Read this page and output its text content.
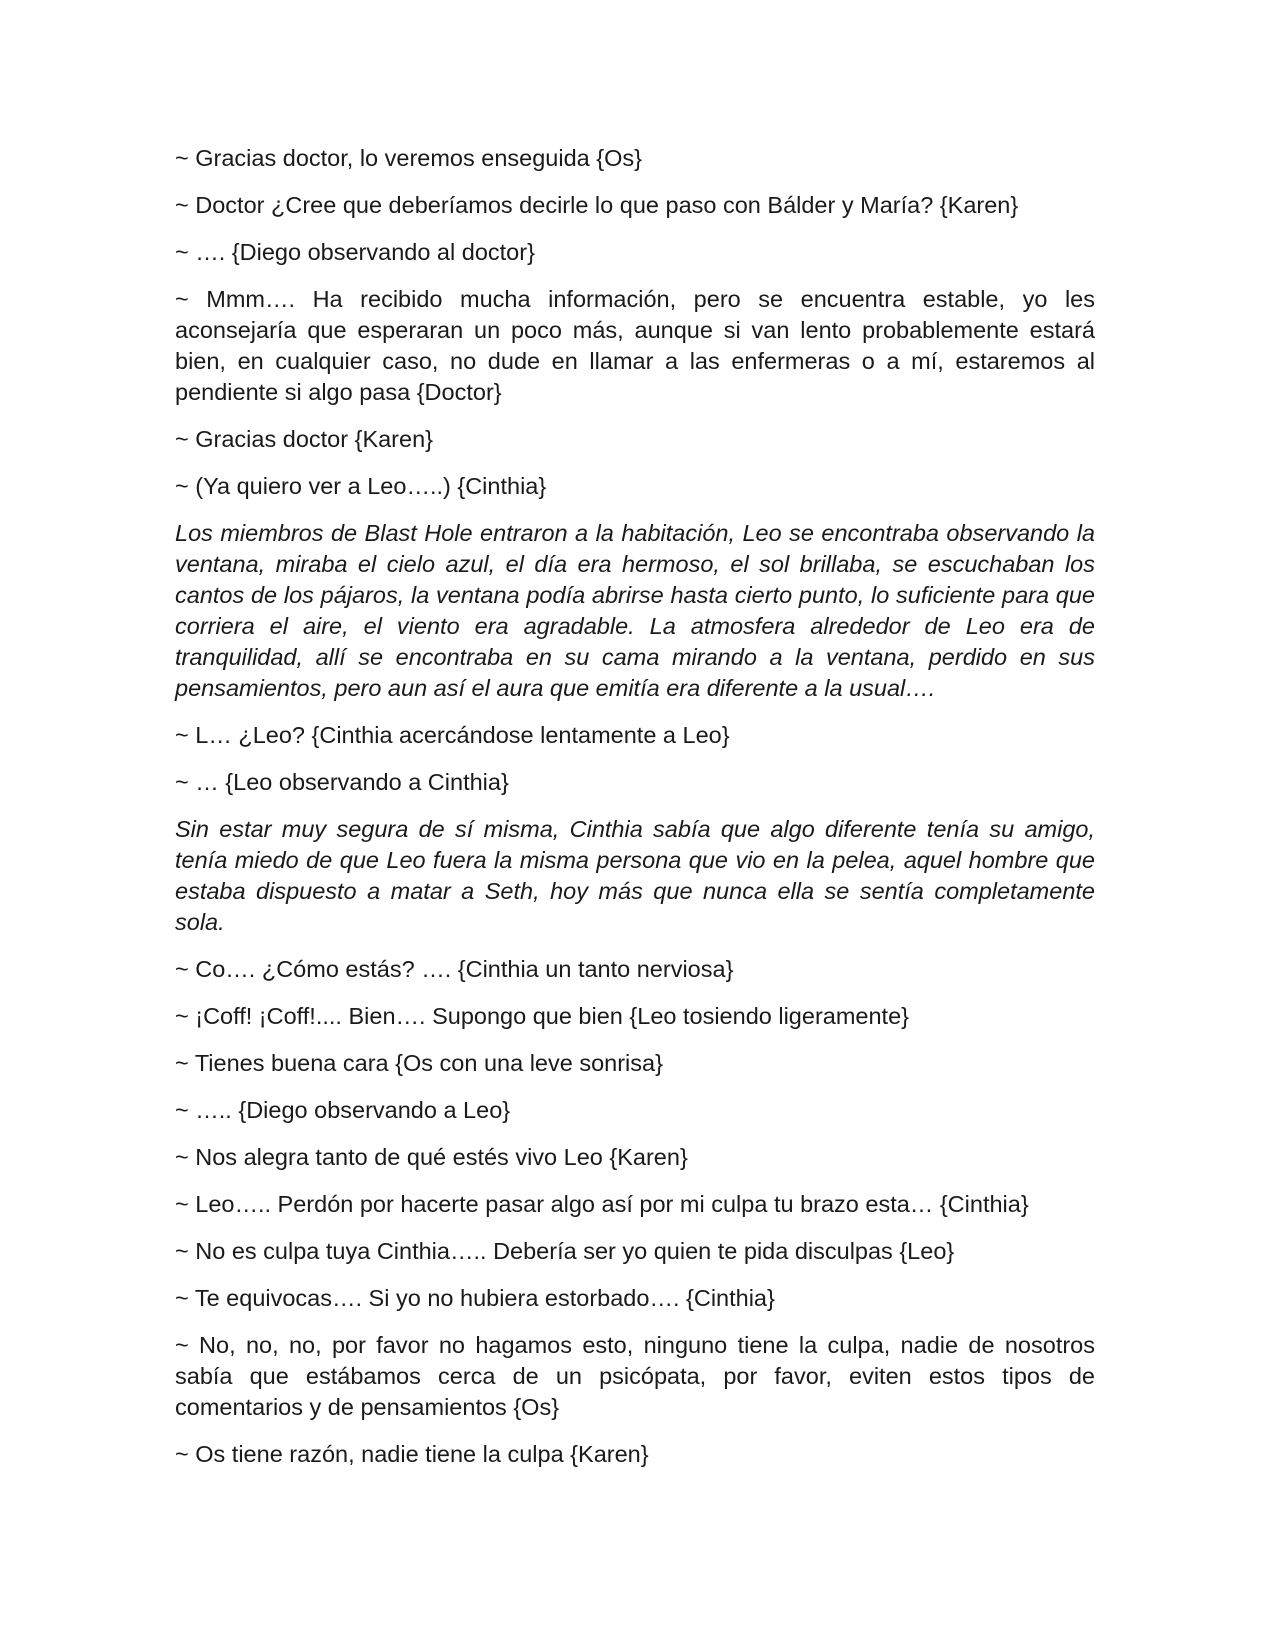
~ Gracias doctor, lo veremos enseguida {Os}

~ Doctor ¿Cree que deberíamos decirle lo que paso con Bálder y María? {Karen}

~ …. {Diego observando al doctor}

~ Mmm…. Ha recibido mucha información, pero se encuentra estable, yo les aconsejaría que esperaran un poco más, aunque si van lento probablemente estará bien, en cualquier caso, no dude en llamar a las enfermeras o a mí, estaremos al pendiente si algo pasa {Doctor}

~ Gracias doctor {Karen}

~ (Ya quiero ver a Leo…..) {Cinthia}

Los miembros de Blast Hole entraron a la habitación, Leo se encontraba observando la ventana, miraba el cielo azul, el día era hermoso, el sol brillaba, se escuchaban los cantos de los pájaros, la ventana podía abrirse hasta cierto punto, lo suficiente para que corriera el aire, el viento era agradable. La atmosfera alrededor de Leo era de tranquilidad, allí se encontraba en su cama mirando a la ventana, perdido en sus pensamientos, pero aun así el aura que emitía era diferente a la usual….

~ L… ¿Leo? {Cinthia acercándose lentamente a Leo}

~ … {Leo observando a Cinthia}

Sin estar muy segura de sí misma, Cinthia sabía que algo diferente tenía su amigo, tenía miedo de que Leo fuera la misma persona que vio en la pelea, aquel hombre que estaba dispuesto a matar a Seth, hoy más que nunca ella se sentía completamente sola.

~ Co…. ¿Cómo estás? …. {Cinthia un tanto nerviosa}

~ ¡Coff! ¡Coff!.... Bien…. Supongo que bien {Leo tosiendo ligeramente}

~ Tienes buena cara {Os con una leve sonrisa}

~ ….. {Diego observando a Leo}

~ Nos alegra tanto de qué estés vivo Leo {Karen}

~ Leo….. Perdón por hacerte pasar algo así por mi culpa tu brazo esta… {Cinthia}

~ No es culpa tuya Cinthia….. Debería ser yo quien te pida disculpas {Leo}

~ Te equivocas…. Si yo no hubiera estorbado…. {Cinthia}

~ No, no, no, por favor no hagamos esto, ninguno tiene la culpa, nadie de nosotros sabía que estábamos cerca de un psicópata, por favor, eviten estos tipos de comentarios y de pensamientos {Os}

~ Os tiene razón, nadie tiene la culpa {Karen}
